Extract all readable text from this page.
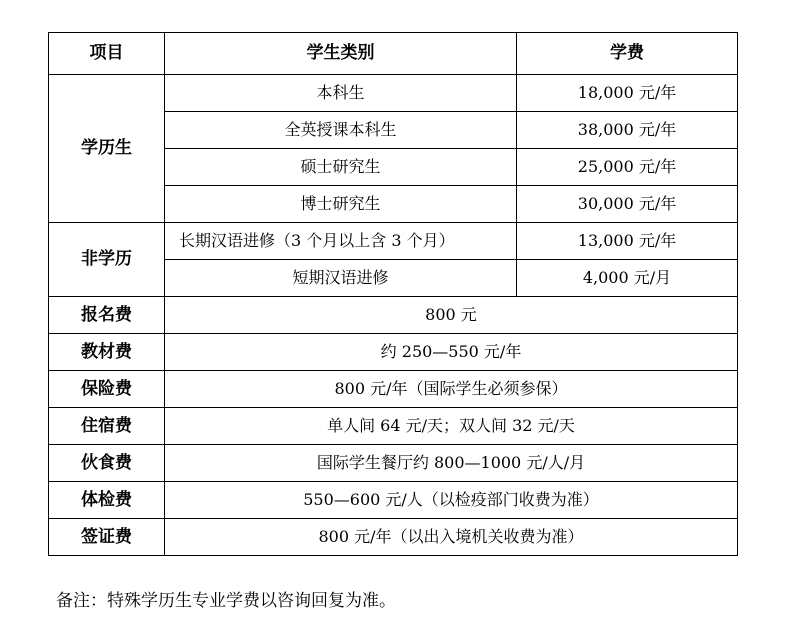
项目	学生类别	学费
学历生	本科生	18,000 元/年
	全英授课本科生	38,000 元/年
	硕士研究生	25,000 元/年
	博士研究生	30,000 元/年
非学历	长期汉语进修（3 个月以上含 3 个月）	13,000 元/年
	短期汉语进修	4,000 元/月
报名费	800 元	
教材费	约 250—550 元/年	
保险费	800 元/年（国际学生必须参保）	
住宿费	单人间 64 元/天；双人间 32 元/天	
伙食费	国际学生餐厅约 800—1000 元/人/月	
体检费	550—600 元/人（以检疫部门收费为准）	
签证费	800 元/年（以出入境机关收费为准）	
备注：特殊学历生专业学费以咨询回复为准。
